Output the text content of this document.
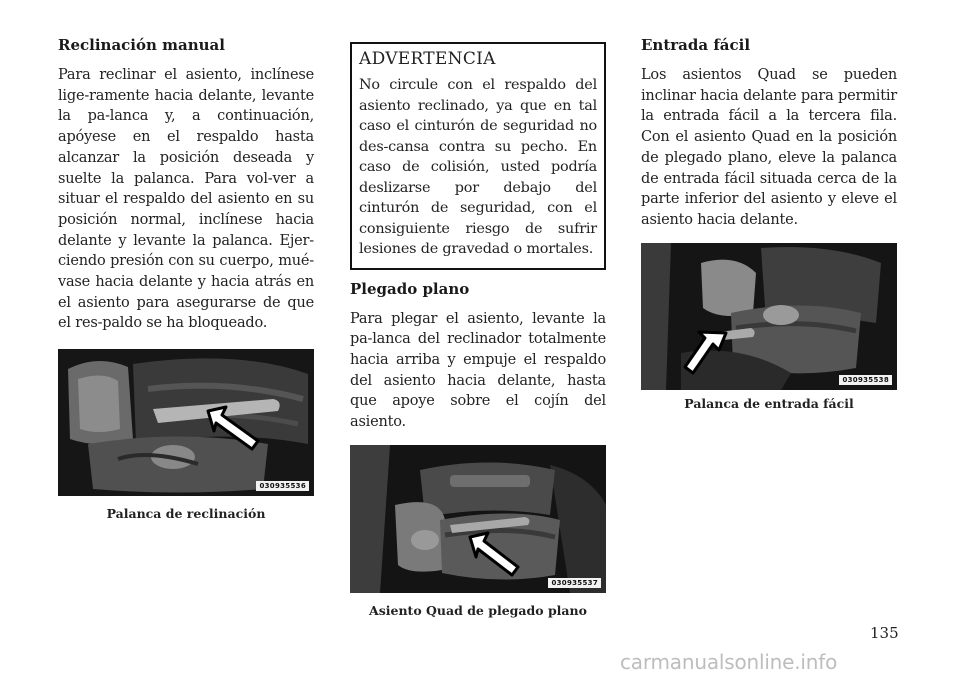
Reclinación manual

Para reclinar el asiento, inclínese lige-ramente hacia delante, levante la pa-lanca y, a continuación, apóyese en el respaldo hasta alcanzar la posición deseada y suelte la palanca. Para vol-ver a situar el respaldo del asiento en su posición normal, inclínese hacia delante y levante la palanca. Ejer-ciendo presión con su cuerpo, mué-vase hacia delante y hacia atrás en el asiento para asegurarse de que el res-paldo se ha bloqueado.

030935536
Palanca de reclinación
ADVERTENCIA

No circule con el respaldo del asiento reclinado, ya que en tal caso el cinturón de seguridad no des-cansa contra su pecho. En caso de colisión, usted podría deslizarse por debajo del cinturón de seguridad, con el consiguiente riesgo de sufrir lesiones de gravedad o mortales.

Plegado plano

Para plegar el asiento, levante la pa-lanca del reclinador totalmente hacia arriba y empuje el respaldo del asiento hacia delante, hasta que apoye sobre el cojín del asiento.

030935537
Asiento Quad de plegado plano
Entrada fácil

Los asientos Quad se pueden inclinar hacia delante para permitir la entrada fácil a la tercera fila. Con el asiento Quad en la posición de plegado plano, eleve la palanca de entrada fácil situada cerca de la parte inferior del asiento y eleve el asiento hacia delante.

030935538
Palanca de entrada fácil
135
carmanualsonline.info
